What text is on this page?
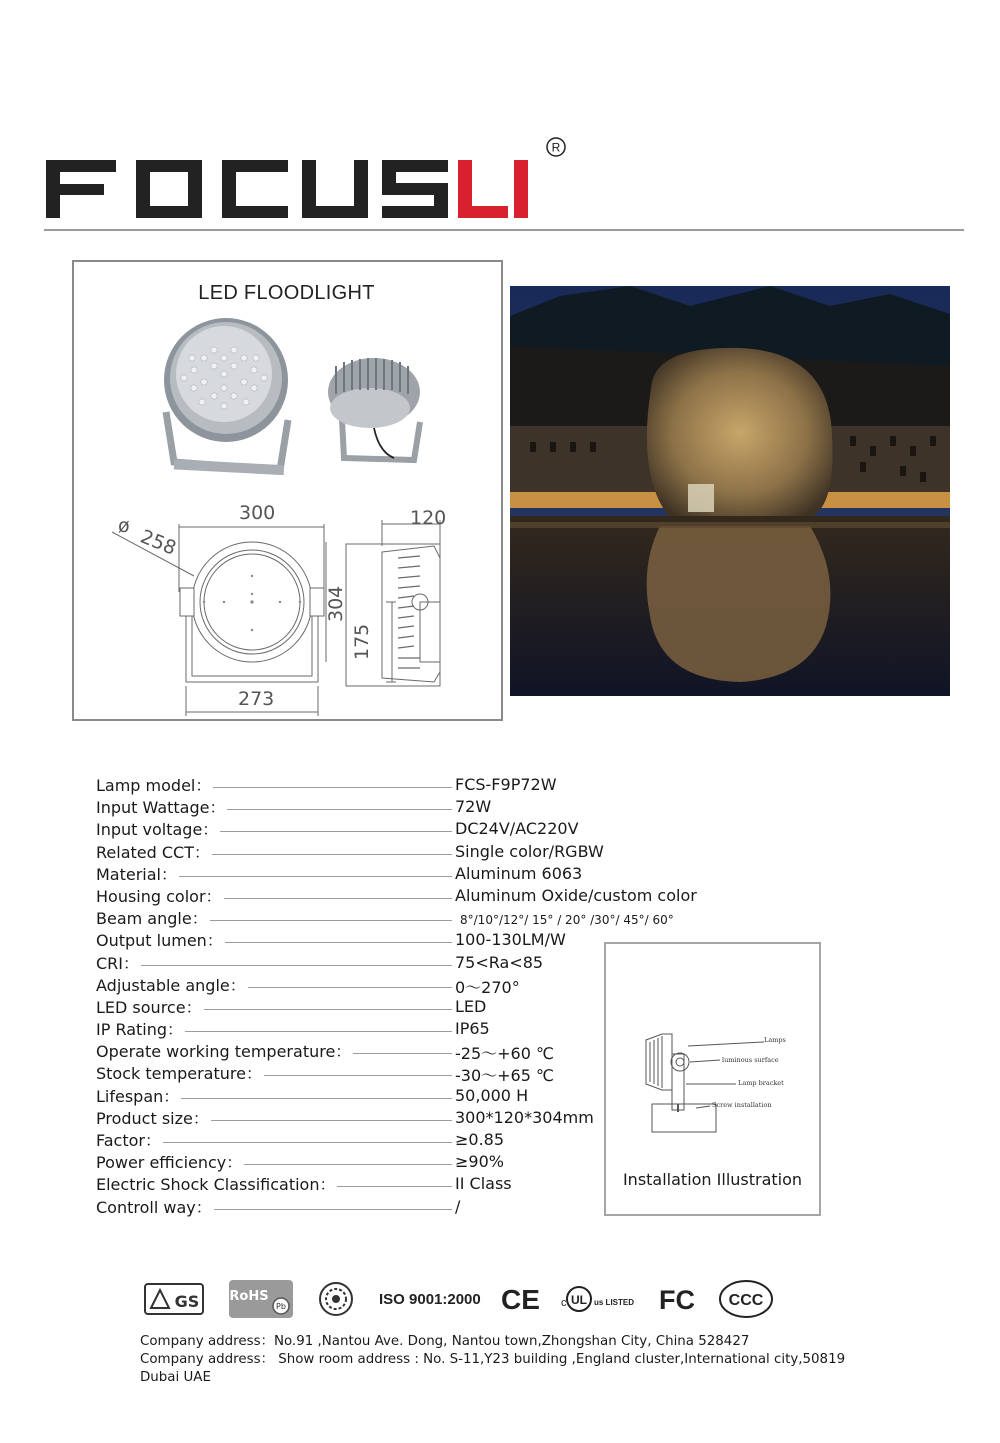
R
LED FLOODLIGHT
ø 258
300
273
120
304
175
Lamp model：	FCS-F9P72W
Input Wattage：	72W
Input voltage：	DC24V/AC220V
Related CCT：	Single color/RGBW
Material：	Aluminum 6063
Housing color：	Aluminum Oxide/custom color
Beam angle：	8°/10°/12°/ 15° / 20° /30°/ 45°/ 60°
Output lumen：	100-130LM/W
CRI：	75<Ra<85
Adjustable angle：	0～270°
LED source：	LED
IP Rating：	IP65
Operate working temperature：	-25～+60 ℃
Stock temperature：	-30～+65 ℃
Lifespan：	50,000 H
Product size：	300*120*304mm
Factor：	≥0.85
Power efficiency：	≥90%
Electric Shock Classification：	II Class
Controll way：	/
Lamps
luminous surface
Lamp bracket
Screw installation
Installation Illustration
GS RoHS
Pb	ISO 9001:2000 CE c UL us LISTED FC CCC
Company address：No.91 ,Nantou Ave. Dong, Nantou town,Zhongshan City, China 528427
Company address： Show room address : No. S-11,Y23 building ,England cluster,International city,50819 Dubai UAE
